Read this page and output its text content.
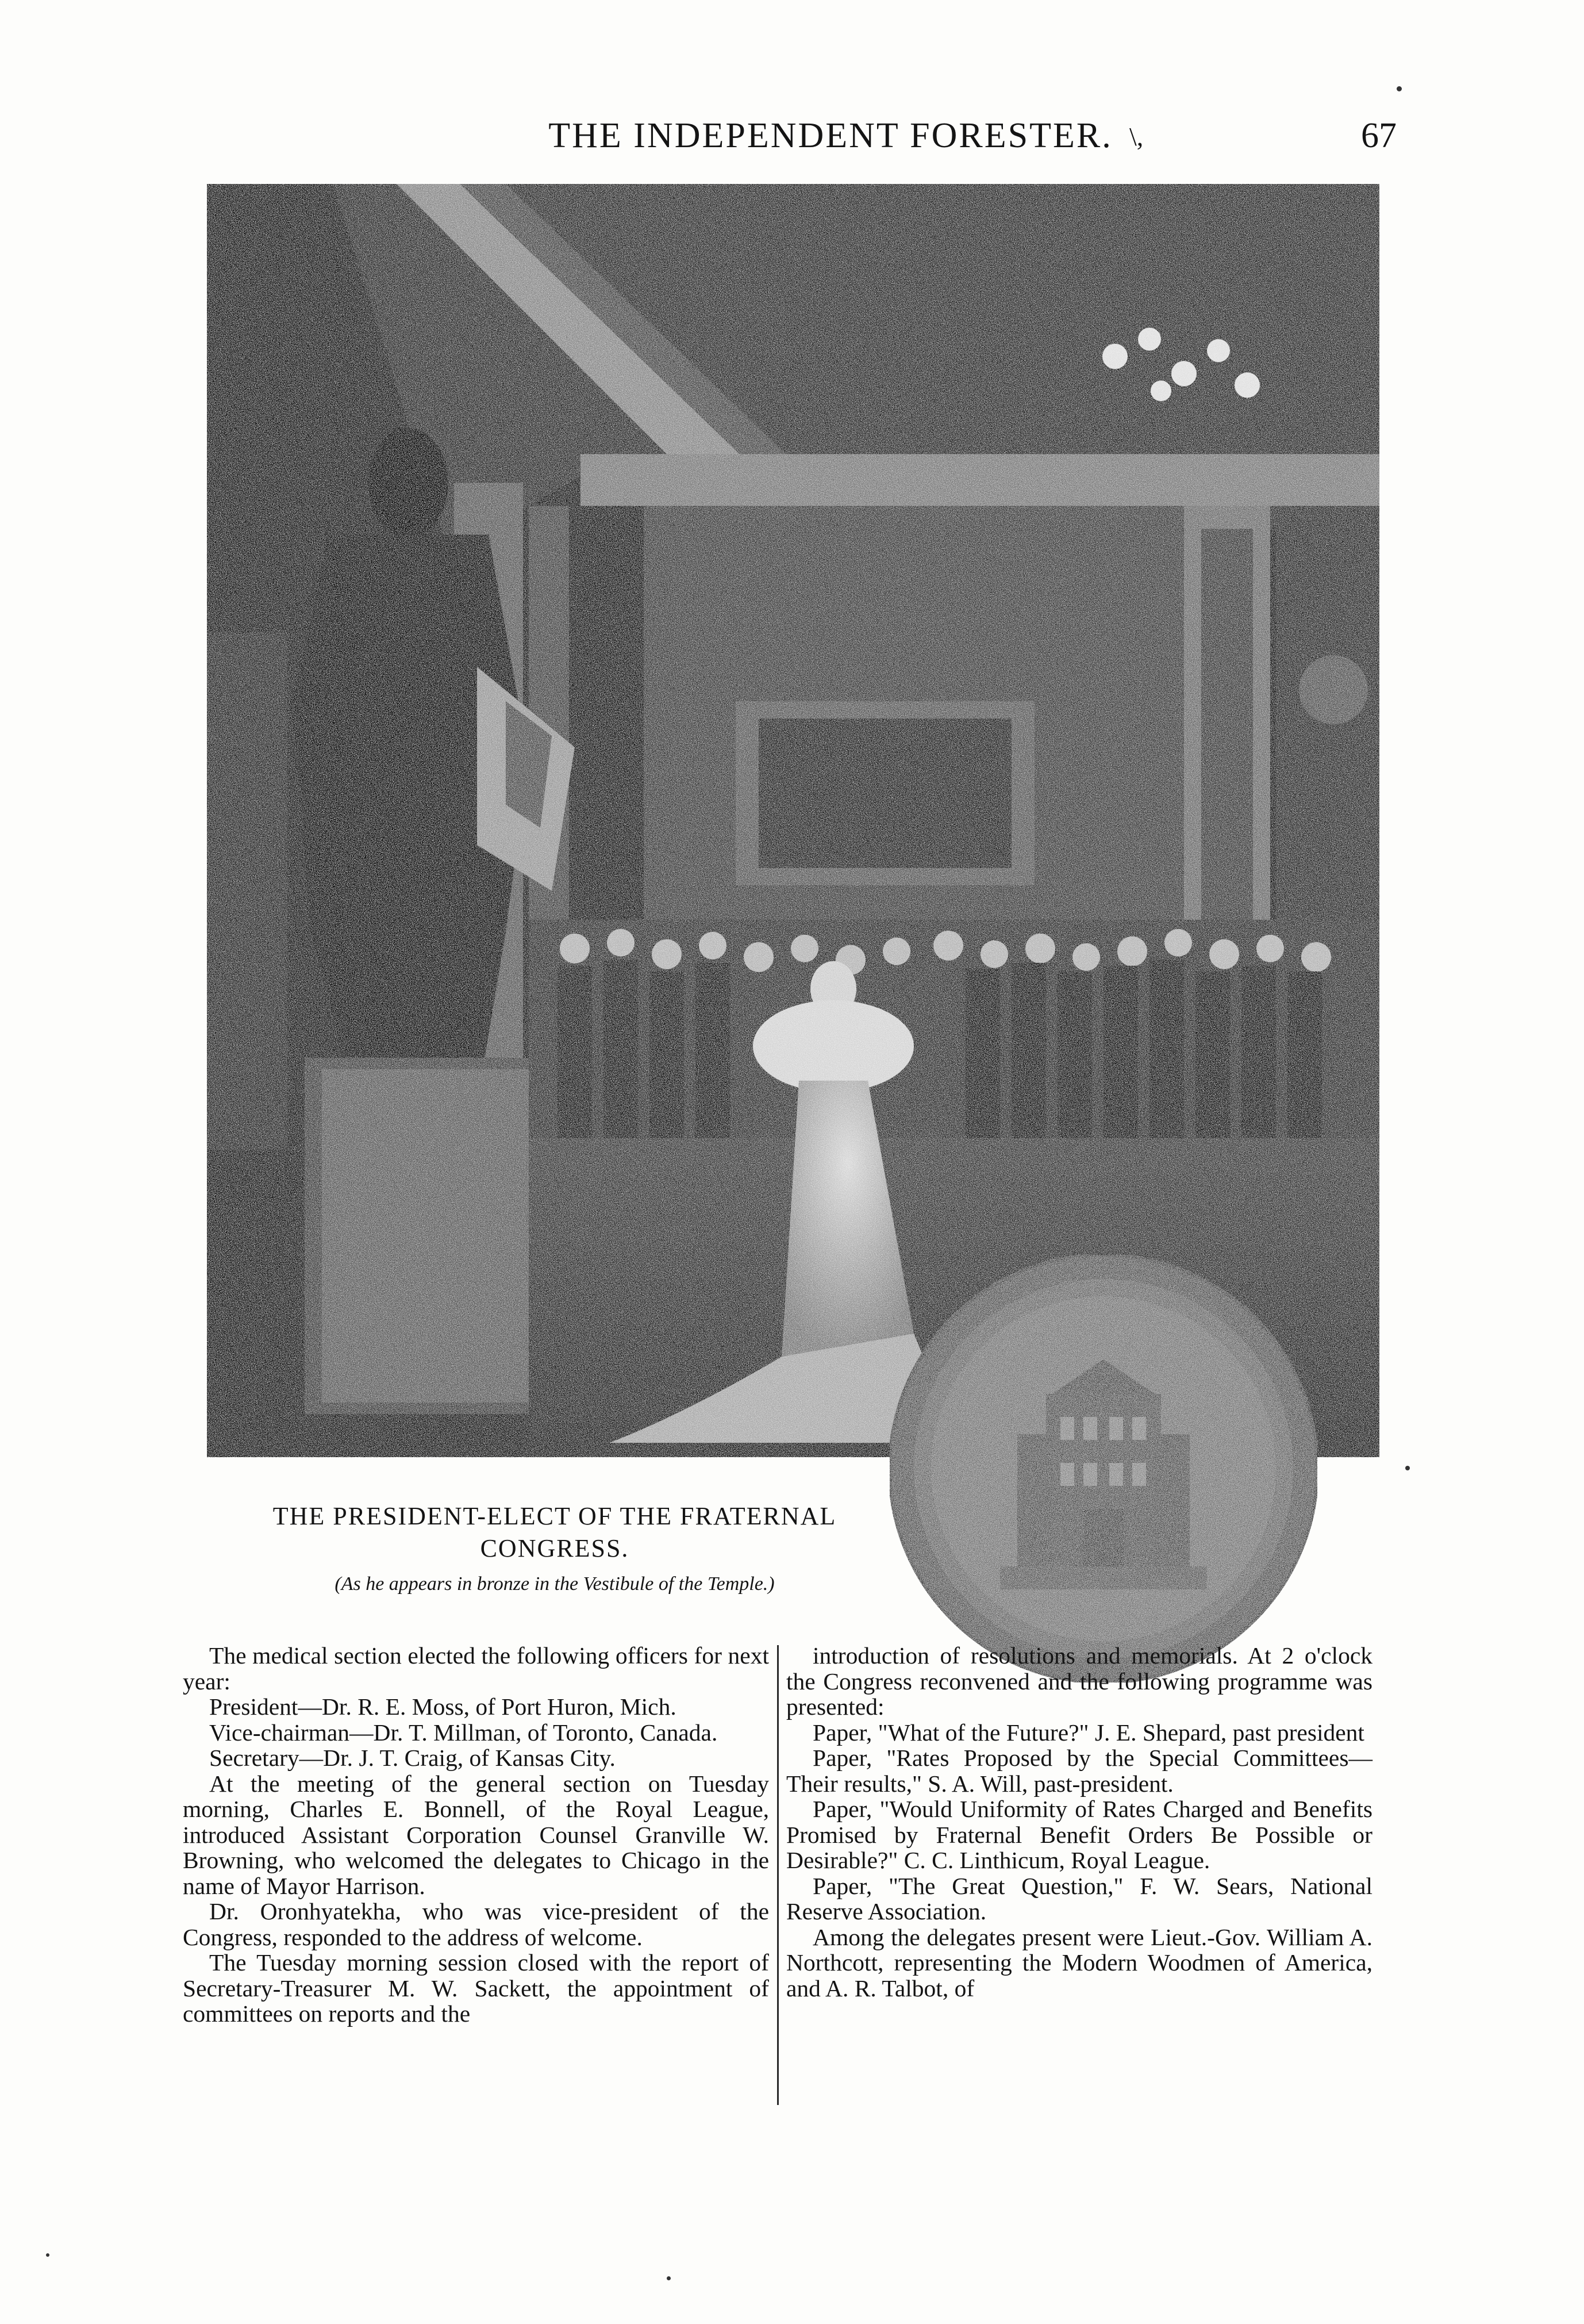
THE INDEPENDENT FORESTER. \,	67
THE PRESIDENT-ELECT OF THE FRATERNAL CONGRESS.
(As he appears in bronze in the Vestibule of the Temple.)

The medical section elected the following officers for next year:

President—Dr. R. E. Moss, of Port Huron, Mich.

Vice-chairman—Dr. T. Millman, of Toronto, Canada.

Secretary—Dr. J. T. Craig, of Kansas City.

At the meeting of the general section on Tuesday morning, Charles E. Bonnell, of the Royal League, introduced Assistant Corporation Counsel Granville W. Browning, who welcomed the delegates to Chicago in the name of Mayor Harrison.

Dr. Oronhyatekha, who was vice-president of the Congress, responded to the address of welcome.

The Tuesday morning session closed with the report of Secretary-Treasurer M. W. Sackett, the appointment of committees on reports and the

introduction of resolutions and memorials. At 2 o'clock the Congress reconvened and the following programme was presented:

Paper, "What of the Future?" J. E. Shepard, past president

Paper, "Rates Proposed by the Special Committees—Their results," S. A. Will, past-president.

Paper, "Would Uniformity of Rates Charged and Benefits Promised by Fraternal Benefit Orders Be Possible or Desirable?" C. C. Linthicum, Royal League.

Paper, "The Great Question," F. W. Sears, National Reserve Association.

Among the delegates present were Lieut.-Gov. William A. Northcott, representing the Modern Woodmen of America, and A. R. Talbot, of
